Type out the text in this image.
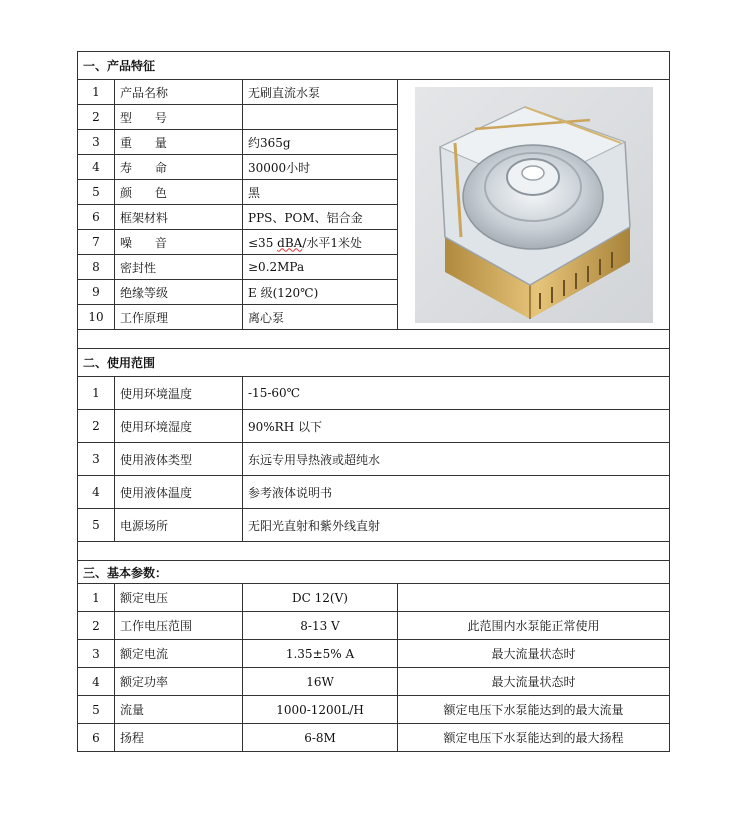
一、产品特征			
1	产品名称	无刷直流水泵	

2	型      号		
3	重      量	约365g	
4	寿      命	30000小时	
5	颜      色	黑	
6	框架材料	PPS、POM、铝合金	
7	噪      音	≤35 dBA/水平1米处	
8	密封性	≥0.2MPa	
9	绝缘等级	E 级(120℃)	
10	工作原理	离心泵	

二、使用范围			
1	使用环境温度	-15-60℃	
2	使用环境湿度	90%RH 以下	
3	使用液体类型	东远专用导热液或超纯水	
4	使用液体温度	参考液体说明书	
5	电源场所	无阳光直射和紫外线直射	

三、基本参数：			
1	额定电压	DC 12(V)	
2	工作电压范围	8-13 V	此范围内水泵能正常使用
3	额定电流	1.35±5% A	最大流量状态时
4	额定功率	16W	最大流量状态时
5	流量	1000-1200L/H	额定电压下水泵能达到的最大流量
6	扬程	6-8M	额定电压下水泵能达到的最大扬程
